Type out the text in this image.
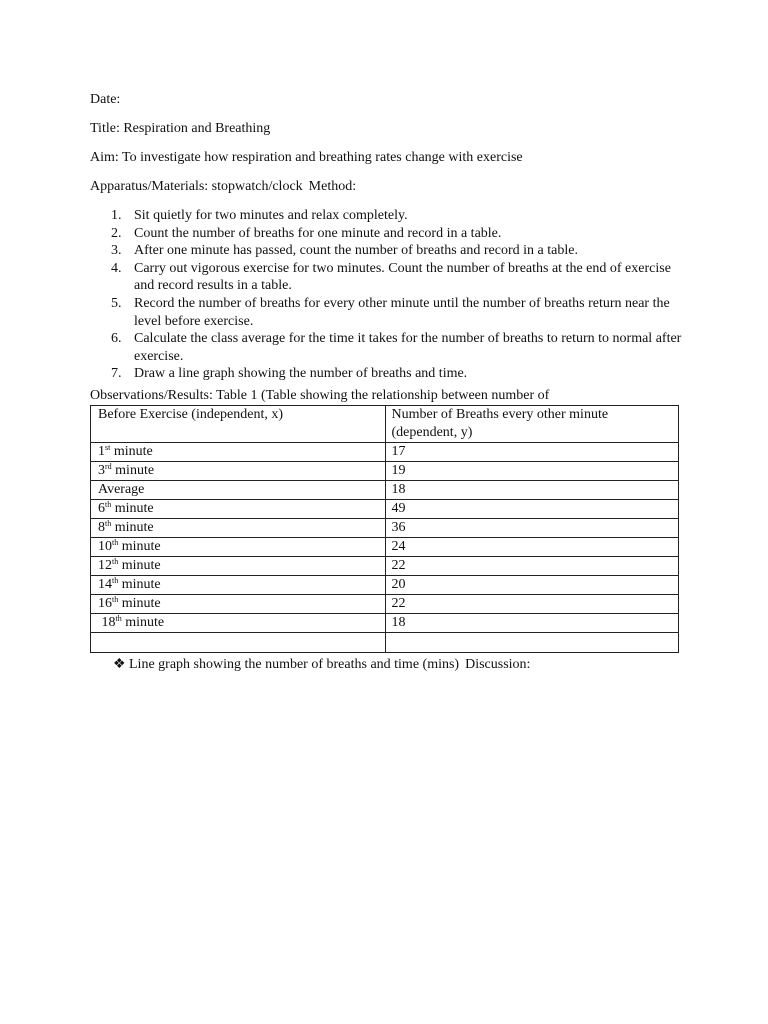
Date:

Title: Respiration and Breathing

Aim: To investigate how respiration and breathing rates change with exercise

Apparatus/Materials: stopwatch/clock Method:

1. Sit quietly for two minutes and relax completely.
2. Count the number of breaths for one minute and record in a table.
3. After one minute has passed, count the number of breaths and record in a table.
4. Carry out vigorous exercise for two minutes. Count the number of breaths at the end of exercise and record results in a table.
5. Record the number of breaths for every other minute until the number of breaths return near the level before exercise.
6. Calculate the class average for the time it takes for the number of breaths to return to normal after exercise.
7. Draw a line graph showing the number of breaths and time.

Observations/Results: Table 1 (Table showing the relationship between number of

Before Exercise (independent, x)	Number of Breaths every other minute
(dependent, y)
1st minute	17
3rd minute	19
Average	18
6th minute	49
8th minute	36
10th minute	24
12th minute	22
14th minute	20
16th minute	22
18th minute	18

❖ Line graph showing the number of breaths and time (mins) Discussion:
